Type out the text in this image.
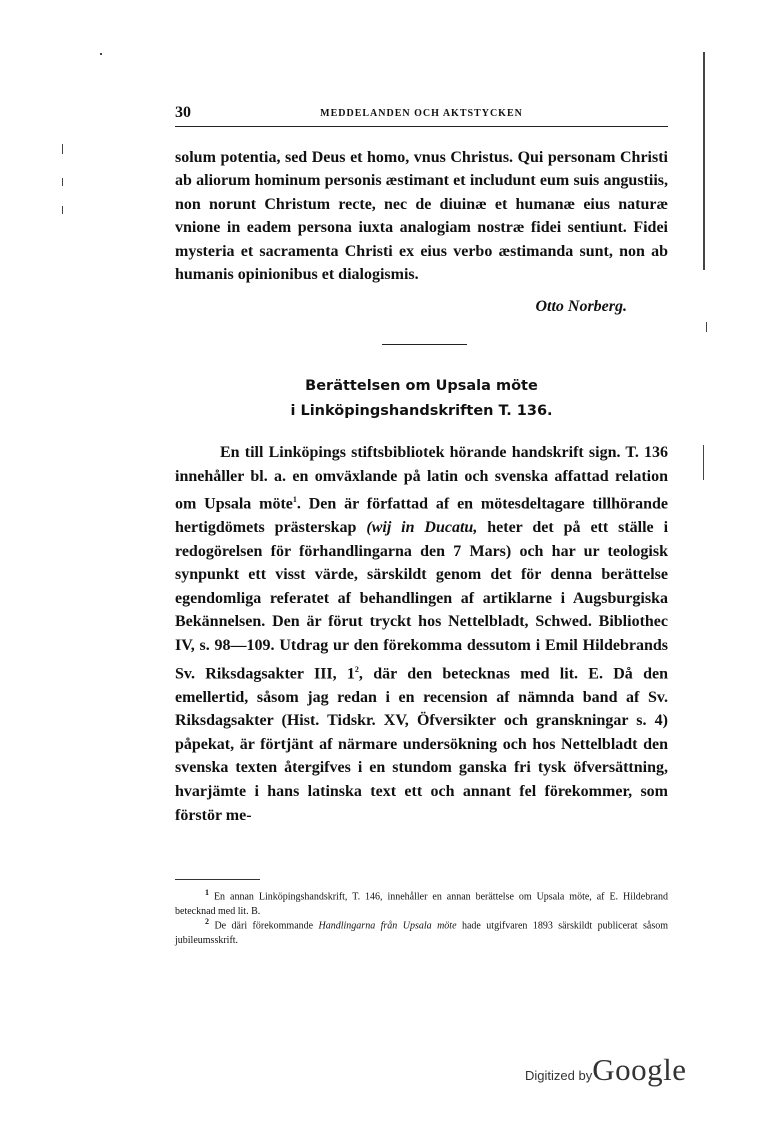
30	MEDDELANDEN OCH AKTSTYCKEN

solum potentia, sed Deus et homo, vnus Christus. Qui personam Christi ab aliorum hominum personis æstimant et includunt eum suis angustiis, non norunt Christum recte, nec de diuinæ et humanæ eius naturæ vnione in eadem persona iuxta analogiam nostræ fidei sentiunt. Fidei mysteria et sacramenta Christi ex eius verbo æstimanda sunt, non ab humanis opinionibus et dialogismis.

Otto Norberg.
Berättelsen om Upsala möte
i Linköpingshandskriften T. 136.

En till Linköpings stiftsbibliotek hörande handskrift sign. T. 136 innehåller bl. a. en omväxlande på latin och svenska affattad relation om Upsala möte$^1$. Den är författad af en mötesdeltagare tillhörande hertigdömets prästerskap (wij in Ducatu, heter det på ett ställe i redogörelsen för förhandlingarna den 7 Mars) och har ur teologisk synpunkt ett visst värde, särskildt genom det för denna berättelse egendomliga referatet af behandlingen af artiklarne i Augsburgiska Bekännelsen. Den är förut tryckt hos Nettelbladt, Schwed. Bibliothec IV, s. 98—109. Utdrag ur den förekomma dessutom i Emil Hildebrands Sv. Riksdagsakter III, 1$^2$, där den betecknas med lit. E. Då den emellertid, såsom jag redan i en recension af nämnda band af Sv. Riksdagsakter (Hist. Tidskr. XV, Öfversikter och granskningar s. 4) påpekat, är förtjänt af närmare undersökning och hos Nettelbladt den svenska texten återgifves i en stundom ganska fri tysk öfversättning, hvarjämte i hans latinska text ett och annant fel förekommer, som förstör me-

$^1$ En annan Linköpingshandskrift, T. 146, innehåller en annan berättelse om Upsala möte, af E. Hildebrand betecknad med lit. B.

$^2$ De däri förekommande Handlingarna från Upsala möte hade utgifvaren 1893 särskildt publicerat såsom jubileumsskrift.

Digitized byGoogle
